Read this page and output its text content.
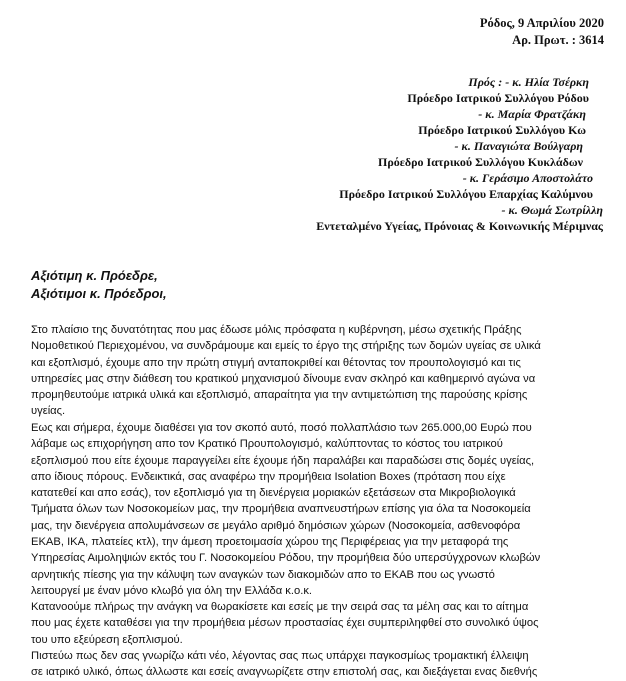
Ρόδος, 9 Απριλίου 2020
Αρ. Πρωτ. : 3614
Πρός : - κ. Ηλία Τσέρκη
Πρόεδρο Ιατρικού Συλλόγου Ρόδου
- κ. Μαρία Φρατζάκη
Πρόεδρο Ιατρικού Συλλόγου Κω
- κ. Παναγιώτα Βούλγαρη
Πρόεδρο Ιατρικού Συλλόγου Κυκλάδων
- κ. Γεράσιμο Αποστολάτο
Πρόεδρο Ιατρικού Συλλόγου Επαρχίας Καλύμνου
- κ. Θωμά Σωτρίλλη
Εντεταλμένο Υγείας, Πρόνοιας & Κοινωνικής Μέριμνας
Αξιότιμη κ. Πρόεδρε,
Αξιότιμοι κ. Πρόεδροι,
Στο πλαίσιο της δυνατότητας που μας έδωσε μόλις πρόσφατα η κυβέρνηση, μέσω σχετικής Πράξης
Νομοθετικού Περιεχομένου, να συνδράμουμε και εμείς το έργο της στήριξης των δομών υγείας σε υλικά
και εξοπλισμό, έχουμε απο την πρώτη στιγμή ανταποκριθεί και θέτοντας τον προυπολογισμό και τις
υπηρεσίες μας στην διάθεση του κρατικού μηχανισμού δίνουμε εναν σκληρό και καθημερινό αγώνα να
προμηθευτούμε ιατρικά υλικά και εξοπλισμό, απαραίτητα για την αντιμετώπιση της παρούσης κρίσης
υγείας.
Εως και σήμερα, έχουμε διαθέσει για τον σκοπό αυτό, ποσό πολλαπλάσιο των 265.000,00 Ευρώ που
λάβαμε ως επιχορήγηση απο τον Κρατικό Προυπολογισμό, καλύπτοντας το κόστος του ιατρικού
εξοπλισμού που είτε έχουμε παραγγείλει είτε έχουμε ήδη παραλάβει και παραδώσει στις δομές υγείας,
απο ίδιους πόρους. Ενδεικτικά, σας αναφέρω την προμήθεια Isolation Boxes (πρόταση που είχε
κατατεθεί και απο εσάς), τον εξοπλισμό για τη διενέργεια μοριακών εξετάσεων στα Μικροβιολογικά
Τμήματα όλων των Νοσοκομείων μας, την προμήθεια αναπνευστήρων επίσης για όλα τα Νοσοκομεία
μας, την διενέργεια απολυμάνσεων σε μεγάλο αριθμό δημόσιων χώρων (Νοσοκομεία, ασθενοφόρα
ΕΚΑΒ, ΙΚΑ, πλατείες κτλ), την άμεση προετοιμασία χώρου της Περιφέρειας για την μεταφορά της
Υπηρεσίας Αιμοληψιών εκτός του Γ. Νοσοκομείου Ρόδου, την προμήθεια δύο υπερσύγχρονων κλωβών
αρνητικής πίεσης για την κάλυψη των αναγκών των διακομιδών απο το ΕΚΑΒ που ως γνωστό
λειτουργεί με έναν μόνο κλωβό για όλη την Ελλάδα κ.ο.κ.
Κατανοούμε πλήρως την ανάγκη να θωρακίσετε και εσείς με την σειρά σας τα μέλη σας και το αίτημα
που μας έχετε καταθέσει για την προμήθεια μέσων προστασίας έχει συμπεριληφθεί στο συνολικό ύψος
του υπο εξεύρεση εξοπλισμού.
Πιστεύω πως δεν σας γνωρίζω κάτι νέο, λέγοντας σας πως υπάρχει παγκοσμίως τρομακτική έλλειψη
σε ιατρικό υλικό, όπως άλλωστε και εσείς αναγνωρίζετε στην επιστολή σας, και διεξάγεται ενας διεθνής
